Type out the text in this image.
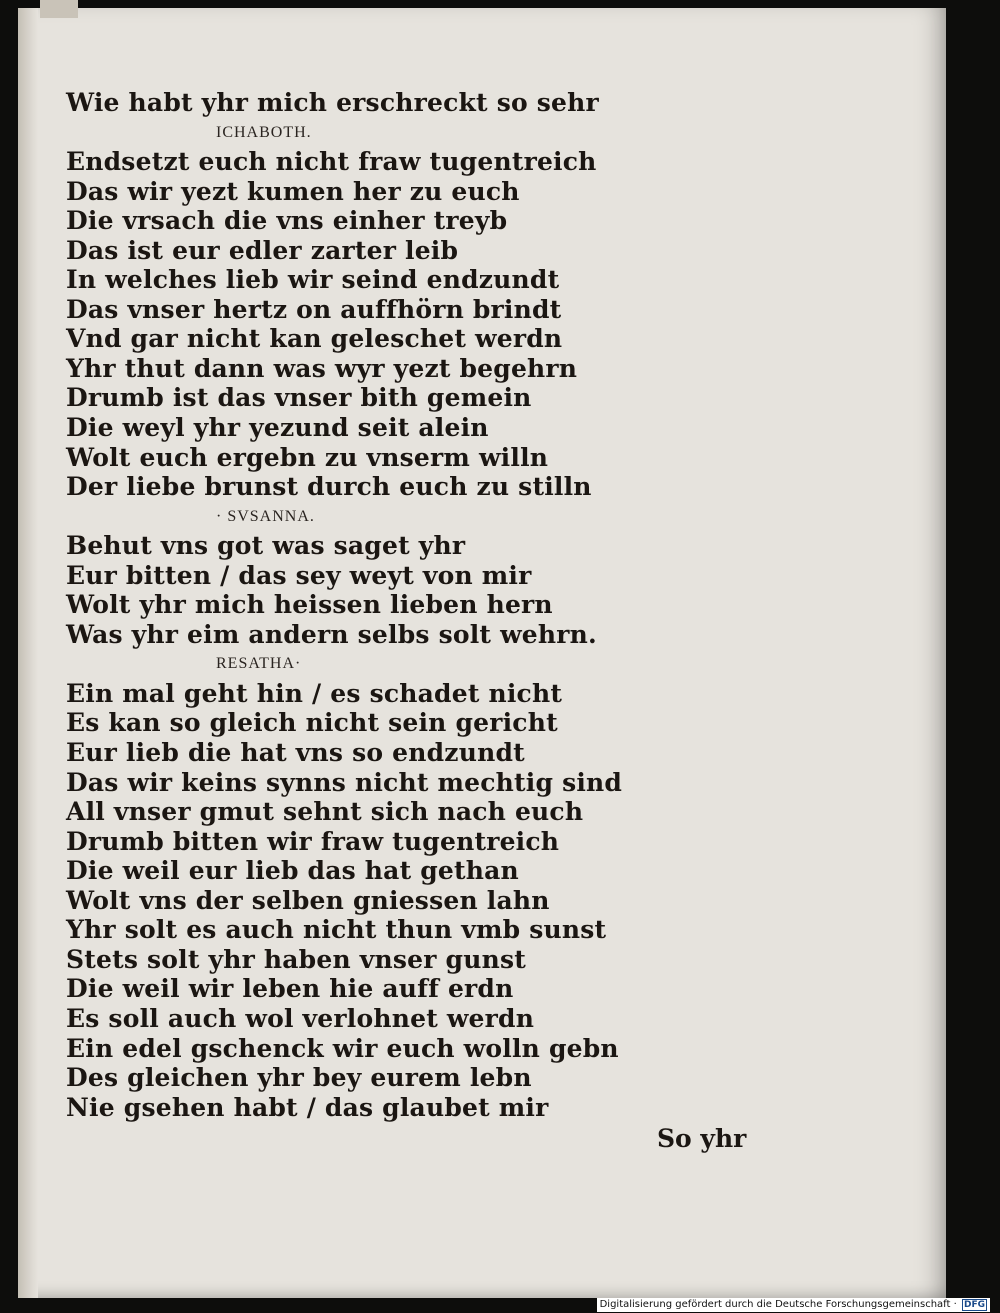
Wie habt yhr mich erschreckt so sehr
ICHABOTH.
Endsetzt euch nicht fraw tugentreich
Das wir yezt kumen her zu euch
Die vrsach die vns einher treyb
Das ist eur edler zarter leib
In welches lieb wir seind endzundt
Das vnser hertz on auffhörn brindt
Vnd gar nicht kan geleschet werdn
Yhr thut dann was wyr yezt begehrn
Drumb ist das vnser bith gemein
Die weyl yhr yezund seit alein
Wolt euch ergebn zu vnserm willn
Der liebe brunst durch euch zu stilln
· SVSANNA.
Behut vns got was saget yhr
Eur bitten / das sey weyt von mir
Wolt yhr mich heissen lieben hern
Was yhr eim andern selbs solt wehrn.
RESATHA·
Ein mal geht hin / es schadet nicht
Es kan so gleich nicht sein gericht
Eur lieb die hat vns so endzundt
Das wir keins synns nicht mechtig sind
All vnser gmut sehnt sich nach euch
Drumb bitten wir fraw tugentreich
Die weil eur lieb das hat gethan
Wolt vns der selben gniessen lahn
Yhr solt es auch nicht thun vmb sunst
Stets solt yhr haben vnser gunst
Die weil wir leben hie auff erdn
Es soll auch wol verlohnet werdn
Ein edel gschenck wir euch wolln gebn
Des gleichen yhr bey eurem lebn
Nie gsehen habt / das glaubet mir
So yhr
Digitalisierung gefördert durch die Deutsche Forschungsgemeinschaft · DFG
